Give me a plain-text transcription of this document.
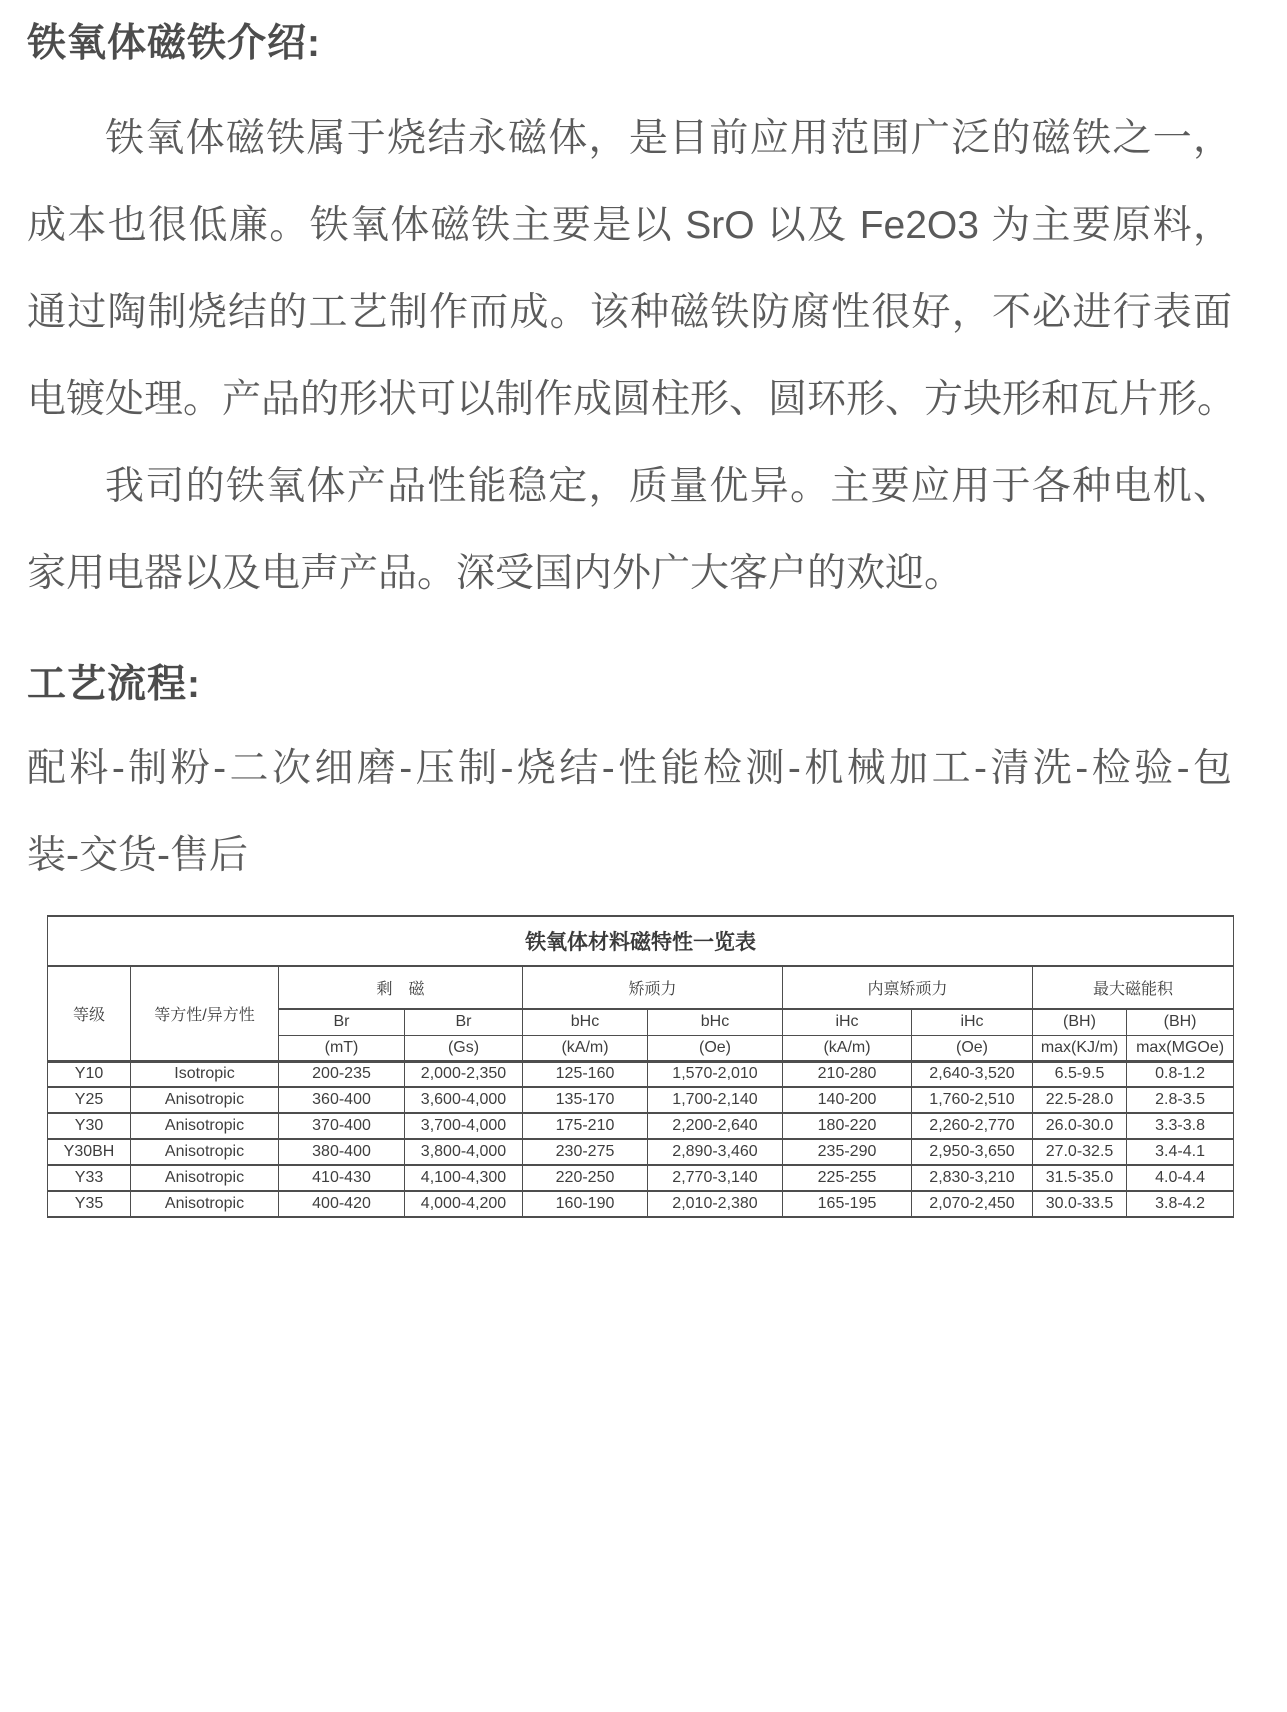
铁氧体磁铁介绍:
铁氧体磁铁属于烧结永磁体，是目前应用范围广泛的磁铁之一，
成本也很低廉。铁氧体磁铁主要是以 SrO 以及 Fe2O3 为主要原料，
通过陶制烧结的工艺制作而成。该种磁铁防腐性很好，不必进行表面
电镀处理。产品的形状可以制作成圆柱形、圆环形、方块形和瓦片形。
我司的铁氧体产品性能稳定，质量优异。主要应用于各种电机、
家用电器以及电声产品。深受国内外广大客户的欢迎。
工艺流程:
配料-制粉-二次细磨-压制-烧结-性能检测-机械加工-清洗-检验-包
装-交货-售后
铁氧体材料磁特性一览表									
等级	等方性/异方性	剩　磁		矫顽力		内禀矫顽力		最大磁能积	
		Br	Br	bHc	bHc	iHc	iHc	(BH)	(BH)
		(mT)	(Gs)	(kA/m)	(Oe)	(kA/m)	(Oe)	max(KJ/m)	max(MGOe)
Y10	Isotropic	200-235	2,000-2,350	125-160	1,570-2,010	210-280	2,640-3,520	6.5-9.5	0.8-1.2
Y25	Anisotropic	360-400	3,600-4,000	135-170	1,700-2,140	140-200	1,760-2,510	22.5-28.0	2.8-3.5
Y30	Anisotropic	370-400	3,700-4,000	175-210	2,200-2,640	180-220	2,260-2,770	26.0-30.0	3.3-3.8
Y30BH	Anisotropic	380-400	3,800-4,000	230-275	2,890-3,460	235-290	2,950-3,650	27.0-32.5	3.4-4.1
Y33	Anisotropic	410-430	4,100-4,300	220-250	2,770-3,140	225-255	2,830-3,210	31.5-35.0	4.0-4.4
Y35	Anisotropic	400-420	4,000-4,200	160-190	2,010-2,380	165-195	2,070-2,450	30.0-33.5	3.8-4.2
